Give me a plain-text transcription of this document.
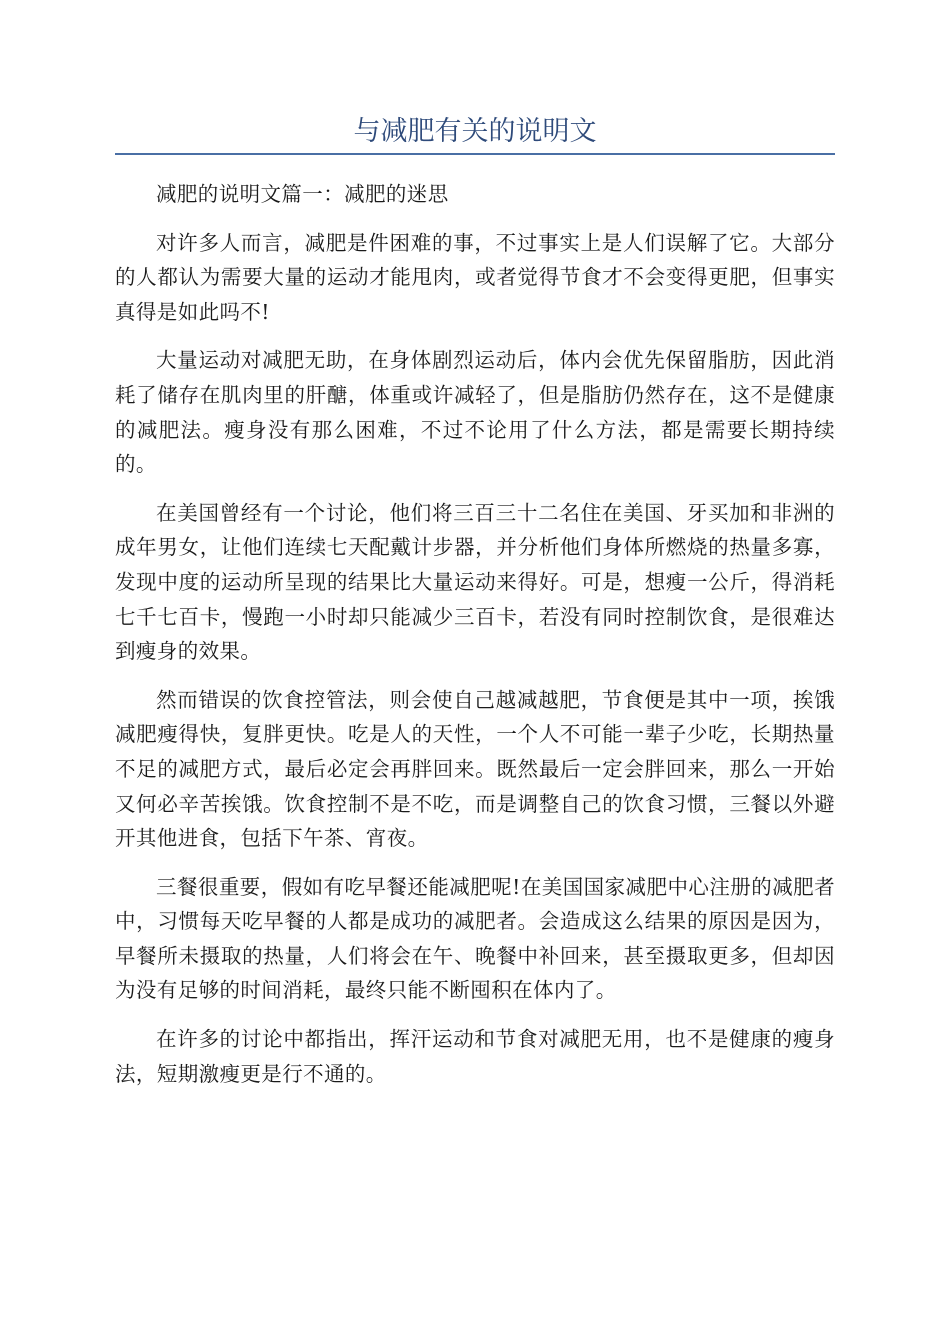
与减肥有关的说明文

减肥的说明文篇一：减肥的迷思

对许多人而言，减肥是件困难的事，不过事实上是人们误解了它。大部分的人都认为需要大量的运动才能甩肉，或者觉得节食才不会变得更肥，但事实真得是如此吗不!

大量运动对减肥无助，在身体剧烈运动后，体内会优先保留脂肪，因此消耗了储存在肌肉里的肝醣，体重或许减轻了，但是脂肪仍然存在，这不是健康的减肥法。瘦身没有那么困难，不过不论用了什么方法，都是需要长期持续的。

在美国曾经有一个讨论，他们将三百三十二名住在美国、牙买加和非洲的成年男女，让他们连续七天配戴计步器，并分析他们身体所燃烧的热量多寡，发现中度的运动所呈现的结果比大量运动来得好。可是，想瘦一公斤，得消耗七千七百卡，慢跑一小时却只能减少三百卡，若没有同时控制饮食，是很难达到瘦身的效果。

然而错误的饮食控管法，则会使自己越减越肥，节食便是其中一项，挨饿减肥瘦得快，复胖更快。吃是人的天性，一个人不可能一辈子少吃，长期热量不足的减肥方式，最后必定会再胖回来。既然最后一定会胖回来，那么一开始又何必辛苦挨饿。饮食控制不是不吃，而是调整自己的饮食习惯，三餐以外避开其他进食，包括下午茶、宵夜。

三餐很重要，假如有吃早餐还能减肥呢!在美国国家减肥中心注册的减肥者中，习惯每天吃早餐的人都是成功的减肥者。会造成这么结果的原因是因为，早餐所未摄取的热量，人们将会在午、晚餐中补回来，甚至摄取更多，但却因为没有足够的时间消耗，最终只能不断囤积在体内了。

在许多的讨论中都指出，挥汗运动和节食对减肥无用，也不是健康的瘦身法，短期激瘦更是行不通的。
